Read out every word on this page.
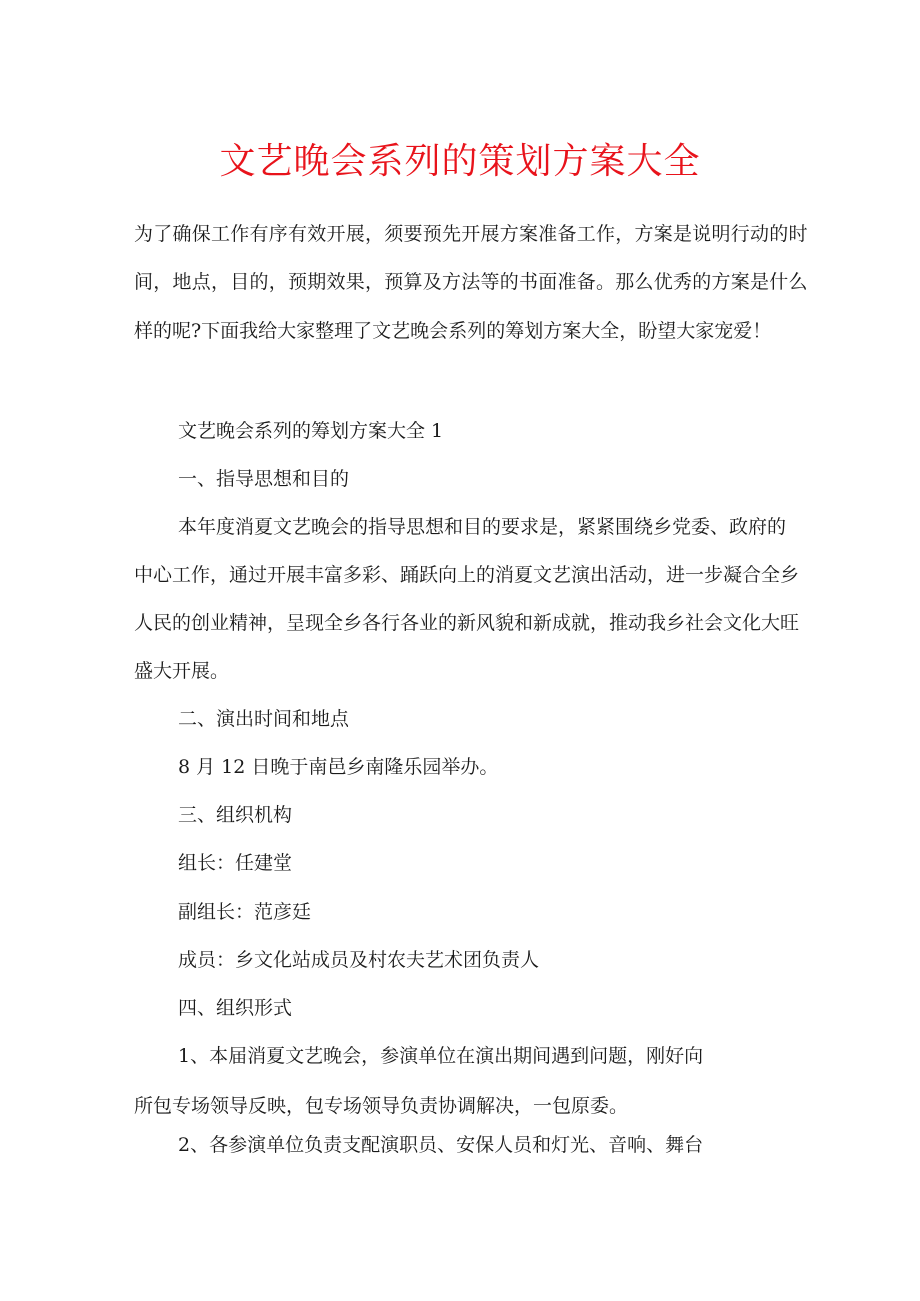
文艺晚会系列的策划方案大全
为了确保工作有序有效开展，须要预先开展方案准备工作，方案是说明行动的时
间，地点，目的，预期效果，预算及方法等的书面准备。那么优秀的方案是什么
样的呢?下面我给大家整理了文艺晚会系列的筹划方案大全，盼望大家宠爱！
文艺晚会系列的筹划方案大全 1
一、指导思想和目的
本年度消夏文艺晚会的指导思想和目的要求是，紧紧围绕乡党委、政府的
中心工作，通过开展丰富多彩、踊跃向上的消夏文艺演出活动，进一步凝合全乡
人民的创业精神，呈现全乡各行各业的新风貌和新成就，推动我乡社会文化大旺
盛大开展。
二、演出时间和地点
8 月 12 日晚于南邑乡南隆乐园举办。
三、组织机构
组长：任建堂
副组长：范彦廷
成员：乡文化站成员及村农夫艺术团负责人
四、组织形式
1、本届消夏文艺晚会，参演单位在演出期间遇到问题，刚好向
所包专场领导反映，包专场领导负责协调解决，一包原委。
2、各参演单位负责支配演职员、安保人员和灯光、音响、舞台
